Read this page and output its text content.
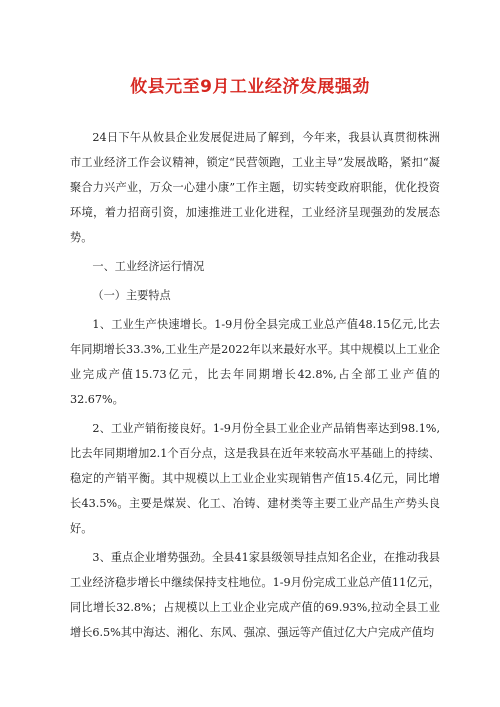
攸县元至9月工业经济发展强劲

24日下午从攸县企业发展促进局了解到，今年来，我县认真贯彻株洲市工业经济工作会议精神，锁定“民营领跑，工业主导”发展战略，紧扣“凝聚合力兴产业，万众一心建小康”工作主题，切实转变政府职能，优化投资环境，着力招商引资，加速推进工业化进程，工业经济呈现强劲的发展态势。

一、工业经济运行情况

（一）主要特点

1、工业生产快速增长。1-9月份全县完成工业总产值48.15亿元,比去年同期增长33.3%,工业生产是2022年以来最好水平。其中规模以上工业企业完成产值15.73亿元，比去年同期增长42.8%,占全部工业产值的32.67%。

2、工业产销衔接良好。1-9月份全县工业企业产品销售率达到98.1%,比去年同期增加2.1个百分点，这是我县在近年来较高水平基础上的持续、稳定的产销平衡。其中规模以上工业企业实现销售产值15.4亿元，同比增长43.5%。主要是煤炭、化工、冶铸、建材类等主要工业产品生产势头良好。

3、重点企业增势强劲。全县41家县级领导挂点知名企业，在推动我县工业经济稳步增长中继续保持支柱地位。1-9月份完成工业总产值11亿元，同比增长32.8%；占规模以上工业企业完成产值的69.93%,拉动全县工业增长6.5%其中海达、湘化、东风、强凉、强远等产值过亿大户完成产值均
